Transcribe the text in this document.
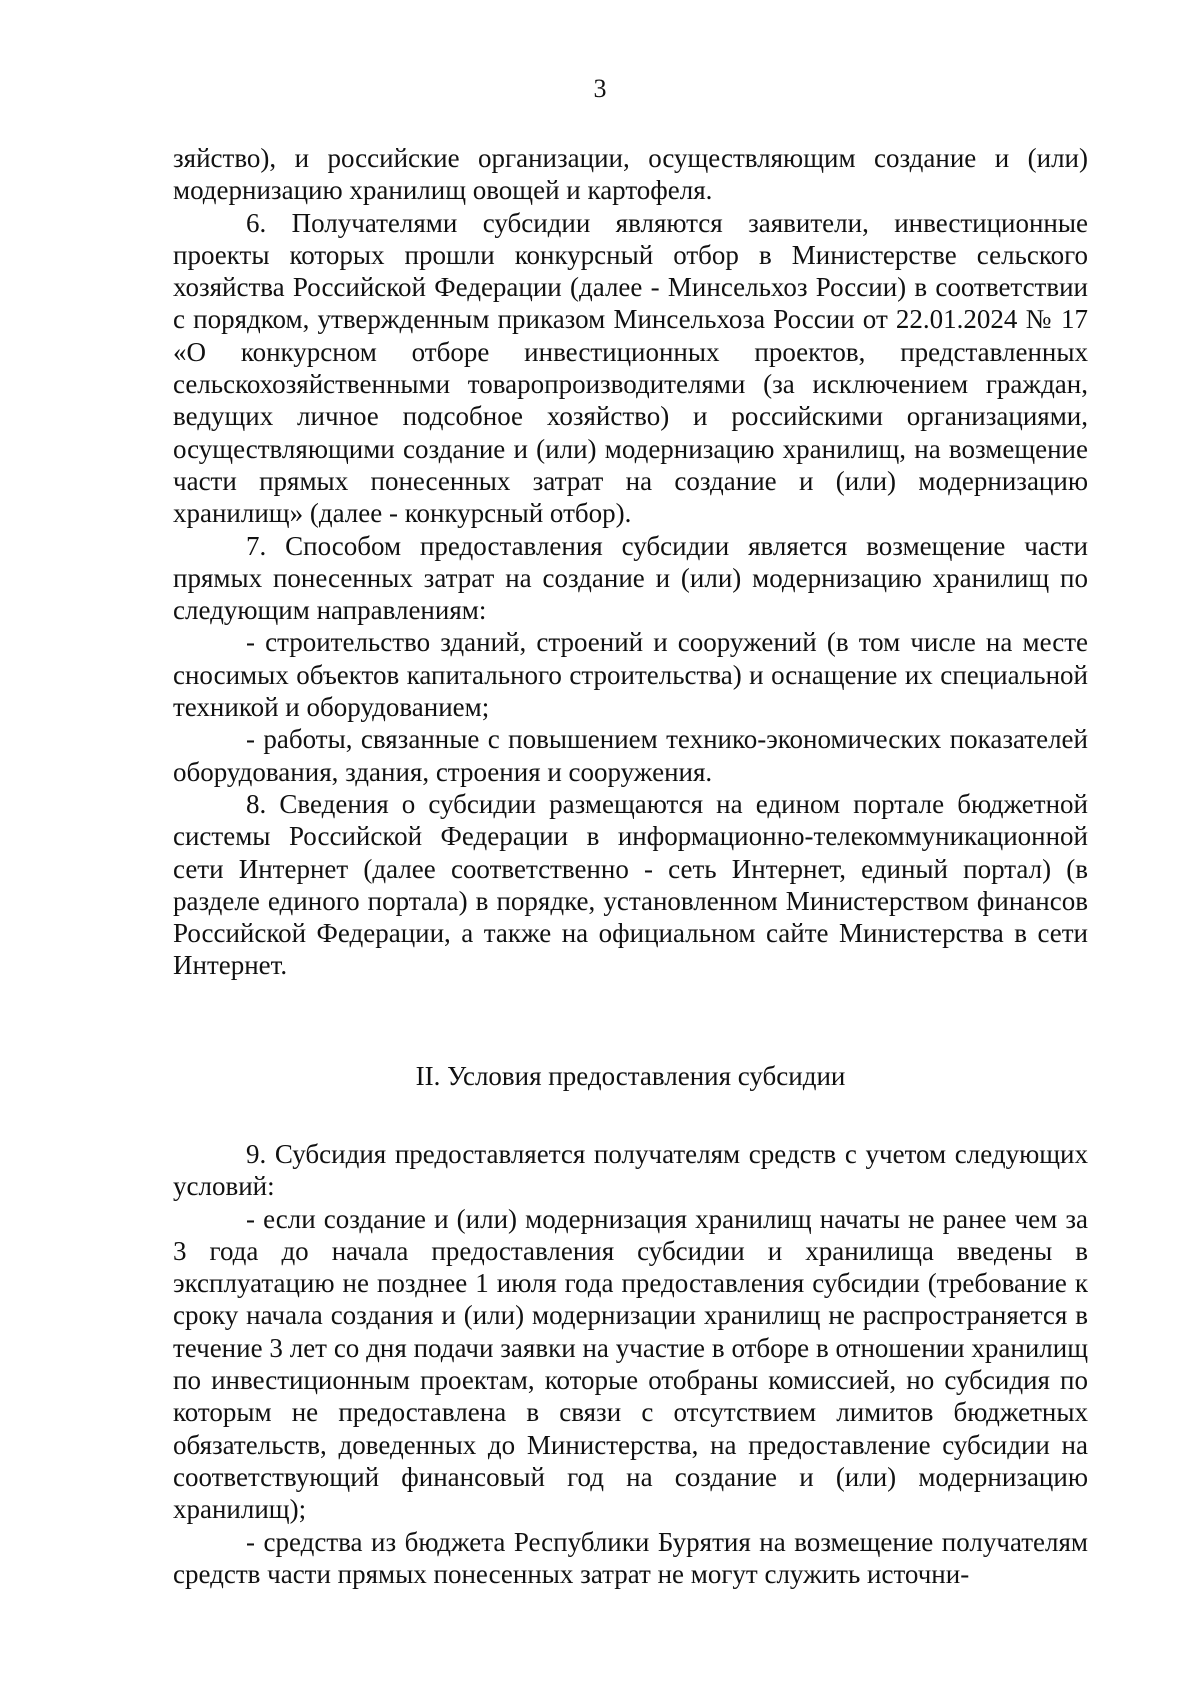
3

зяйство), и российские организации, осуществляющим создание и (или) модернизацию хранилищ овощей и картофеля.

6. Получателями субсидии являются заявители, инвестиционные проекты которых прошли конкурсный отбор в Министерстве сельского хозяйства Российской Федерации (далее - Минсельхоз России) в соответствии с порядком, утвержденным приказом Минсельхоза России от 22.01.2024 № 17 «О конкурсном отборе инвестиционных проектов, представленных сельскохозяйственными товаропроизводителями (за исключением граждан, ведущих личное подсобное хозяйство) и российскими организациями, осуществляющими создание и (или) модернизацию хранилищ, на возмещение части прямых понесенных затрат на создание и (или) модернизацию хранилищ» (далее - конкурсный отбор).

7. Способом предоставления субсидии является возмещение части прямых понесенных затрат на создание и (или) модернизацию хранилищ по следующим направлениям:

- строительство зданий, строений и сооружений (в том числе на месте сносимых объектов капитального строительства) и оснащение их специальной техникой и оборудованием;

- работы, связанные с повышением технико-экономических показателей оборудования, здания, строения и сооружения.

8. Сведения о субсидии размещаются на едином портале бюджетной системы Российской Федерации в информационно-телекоммуникационной сети Интернет (далее соответственно - сеть Интернет, единый портал) (в разделе единого портала) в порядке, установленном Министерством финансов Российской Федерации, а также на официальном сайте Министерства в сети Интернет.

II. Условия предоставления субсидии

9. Субсидия предоставляется получателям средств с учетом следующих условий:

- если создание и (или) модернизация хранилищ начаты не ранее чем за 3 года до начала предоставления субсидии и хранилища введены в эксплуатацию не позднее 1 июля года предоставления субсидии (требование к сроку начала создания и (или) модернизации хранилищ не распространяется в течение 3 лет со дня подачи заявки на участие в отборе в отношении хранилищ по инвестиционным проектам, которые отобраны комиссией, но субсидия по которым не предоставлена в связи с отсутствием лимитов бюджетных обязательств, доведенных до Министерства, на предоставление субсидии на соответствующий финансовый год на создание и (или) модернизацию хранилищ);

- средства из бюджета Республики Бурятия на возмещение получателям средств части прямых понесенных затрат не могут служить источни-
